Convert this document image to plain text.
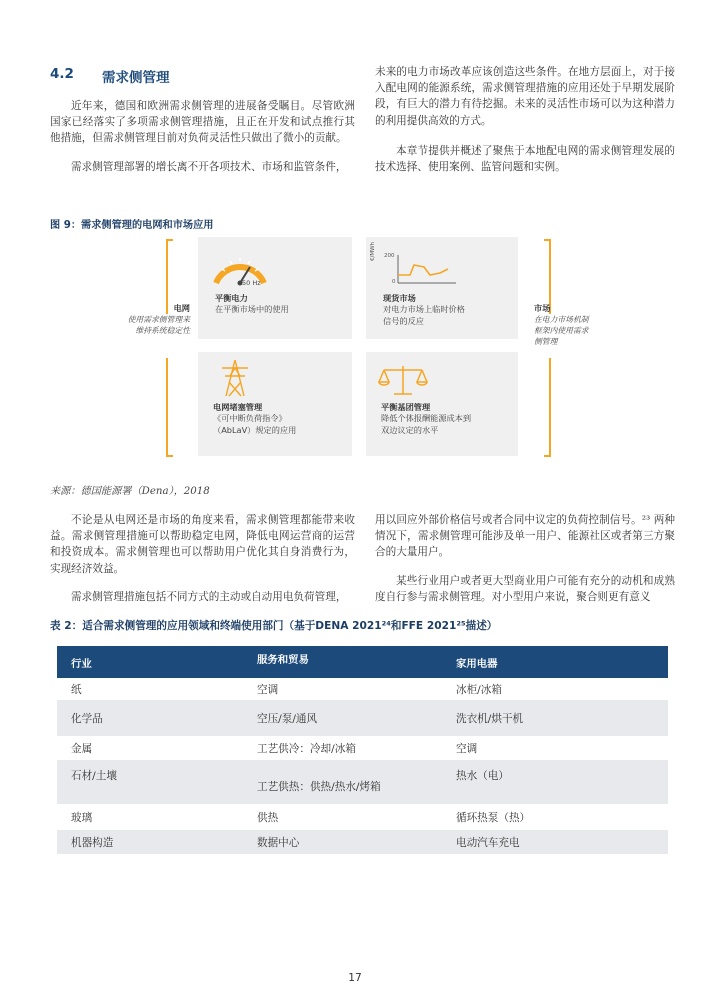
4.2 需求侧管理

近年来，德国和欧洲需求侧管理的进展备受瞩目。尽管欧洲国家已经落实了多项需求侧管理措施，且正在开发和试点推行其他措施，但需求侧管理目前对负荷灵活性只做出了微小的贡献。

需求侧管理部署的增长离不开各项技术、市场和监管条件，

未来的电力市场改革应该创造这些条件。在地方层面上，对于接入配电网的能源系统，需求侧管理措施的应用还处于早期发展阶段，有巨大的潜力有待挖掘。未来的灵活性市场可以为这种潜力的利用提供高效的方式。

本章节提供并概述了聚焦于本地配电网的需求侧管理发展的技术选择、使用案例、监管问题和实例。

图 9：需求侧管理的电网和市场应用
电网
使用需求侧管理来
维持系统稳定性
市场
在电力市场机制
框架内使用需求
侧管理
50 Hz
平衡电力
在平衡市场中的使用
€/MWh 200
0
现货市场
对电力市场上临时价格
信号的反应
电网堵塞管理
《可中断负荷指令》
（AbLaV）规定的应用
平衡基团管理
降低个体报酬能源成本到
双边议定的水平
来源：德国能源署（Dena），2018

不论是从电网还是市场的角度来看，需求侧管理都能带来收益。需求侧管理措施可以帮助稳定电网，降低电网运营商的运营和投资成本。需求侧管理也可以帮助用户优化其自身消费行为，实现经济效益。

需求侧管理措施包括不同方式的主动或自动用电负荷管理，

用以回应外部价格信号或者合同中议定的负荷控制信号。²³ 两种情况下，需求侧管理可能涉及单一用户、能源社区或者第三方聚合的大量用户。

某些行业用户或者更大型商业用户可能有充分的动机和成熟度自行参与需求侧管理。对小型用户来说，聚合则更有意义

表 2：适合需求侧管理的应用领域和终端使用部门（基于DENA 2021²⁴和FFE 2021²⁵描述）
行业	服务和贸易	家用电器
纸	空调	冰柜/冰箱
化学品	空压/泵/通风	洗衣机/烘干机
金属	工艺供冷：冷却/冰箱	空调
石材/土壤	工艺供热：供热/热水/烤箱	热水（电）
玻璃	供热	循环热泵（热）
机器构造	数据中心	电动汽车充电
17
